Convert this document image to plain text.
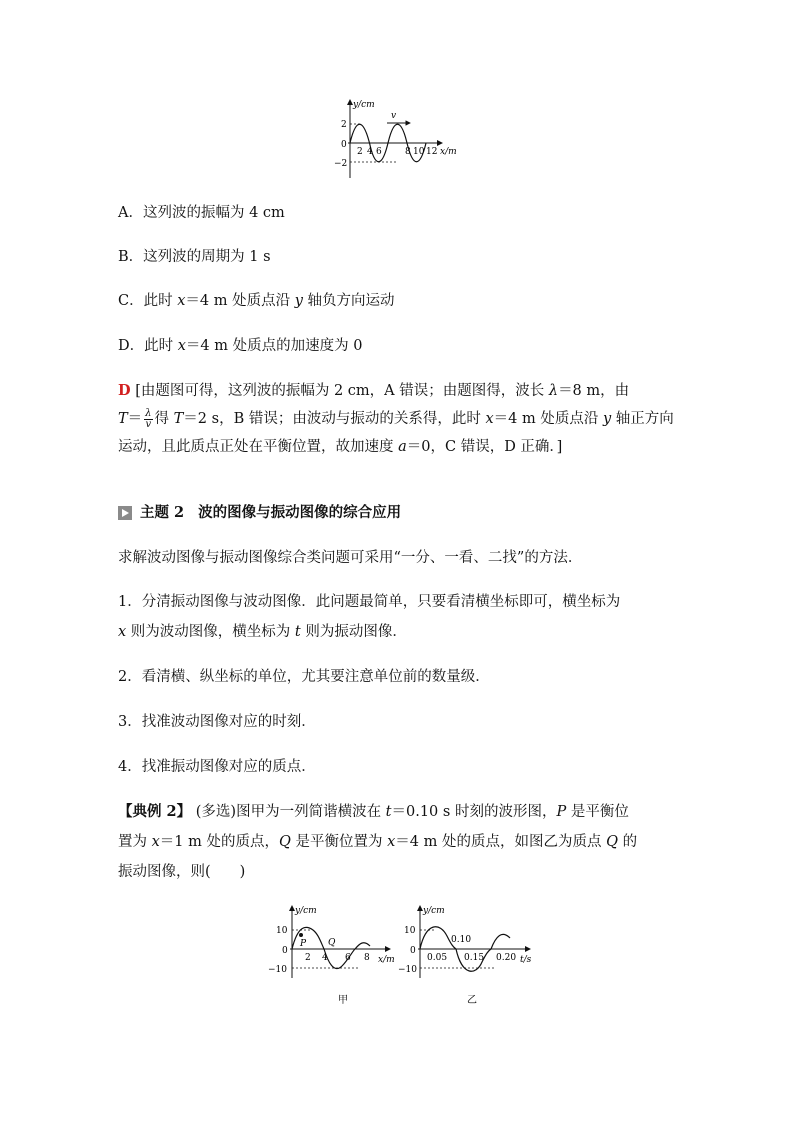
v
y/cm
x/m
2
0
−2
2 4 6	8 10 12
A．这列波的振幅为 4 cm
B．这列波的周期为 1 s
C．此时 x＝4 m 处质点沿 y 轴负方向运动
D．此时 x＝4 m 处质点的加速度为 0
D [由题图可得，这列波的振幅为 2 cm，A 错误；由题图得，波长 λ＝8 m，由
$T= \frac{\lambda}{v}$ 得 T＝2 s，B 错误；由波动与振动的关系得，此时 x＝4 m 处质点沿 y 轴正方向运动，且此质点正处在平衡位置，故加速度 a＝0，C 错误，D 正确．]
主题 2 波的图像与振动图像的综合应用
求解波动图像与振动图像综合类问题可采用“一分、一看、二找”的方法．
1．分清振动图像与波动图像．此问题最简单，只要看清横坐标即可，横坐标为
x 则为波动图像，横坐标为 t 则为振动图像．
2．看清横、纵坐标的单位，尤其要注意单位前的数量级．
3．找准波动图像对应的时刻．
4．找准振动图像对应的质点．
【典例 2】 (多选)图甲为一列简谐横波在 t＝0.10 s 时刻的波形图，P 是平衡位
置为 x＝1 m 处的质点，Q 是平衡位置为 x＝4 m 处的质点，如图乙为质点 Q 的
振动图像，则(　　)
P Q
y/cm
x/m
10
0
−10
2 4 6 8
甲
y/cm
t/s
10
0
−10
0.05
0.10
0.15 0.20
乙
